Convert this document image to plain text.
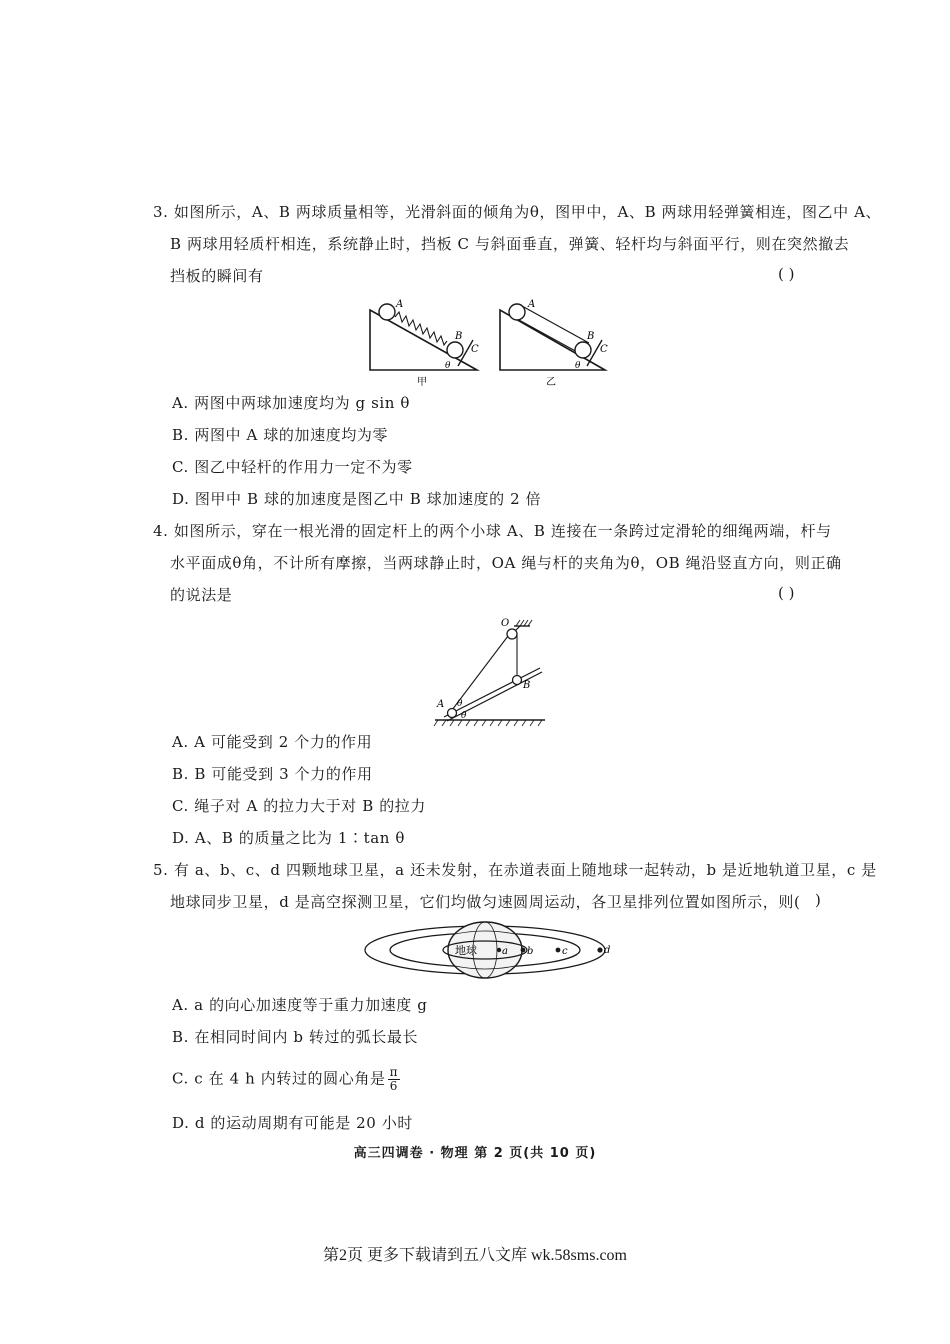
3. 如图所示，A、B 两球质量相等，光滑斜面的倾角为θ，图甲中，A、B 两球用轻弹簧相连，图乙中 A、
B 两球用轻质杆相连，系统静止时，挡板 C 与斜面垂直，弹簧、轻杆均与斜面平行，则在突然撤去
挡板的瞬间有	( )
A
B
C
θ
甲
A
B
C
θ
乙
A. 两图中两球加速度均为 g sin θ
B. 两图中 A 球的加速度均为零
C. 图乙中轻杆的作用力一定不为零
D. 图甲中 B 球的加速度是图乙中 B 球加速度的 2 倍
4. 如图所示，穿在一根光滑的固定杆上的两个小球 A、B 连接在一条跨过定滑轮的细绳两端，杆与
水平面成θ角，不计所有摩擦，当两球静止时，OA 绳与杆的夹角为θ，OB 绳沿竖直方向，则正确
的说法是	( )
O
A
B
θ
θ
A. A 可能受到 2 个力的作用
B. B 可能受到 3 个力的作用
C. 绳子对 A 的拉力大于对 B 的拉力
D. A、B 的质量之比为 1∶tan θ
5. 有 a、b、c、d 四颗地球卫星，a 还未发射，在赤道表面上随地球一起转动，b 是近地轨道卫星，c 是
地球同步卫星，d 是高空探测卫星，它们均做匀速圆周运动，各卫星排列位置如图所示，则( )
地球	a b	c	d
A. a 的向心加速度等于重力加速度 g
B. 在相同时间内 b 转过的弧长最长
C. c 在 4 h 内转过的圆心角是 $\frac{\pi}{6}$
D. d 的运动周期有可能是 20 小时
高三四调卷 · 物理 第 2 页(共 10 页)
第2页 更多下载请到五八文库 wk.58sms.com
